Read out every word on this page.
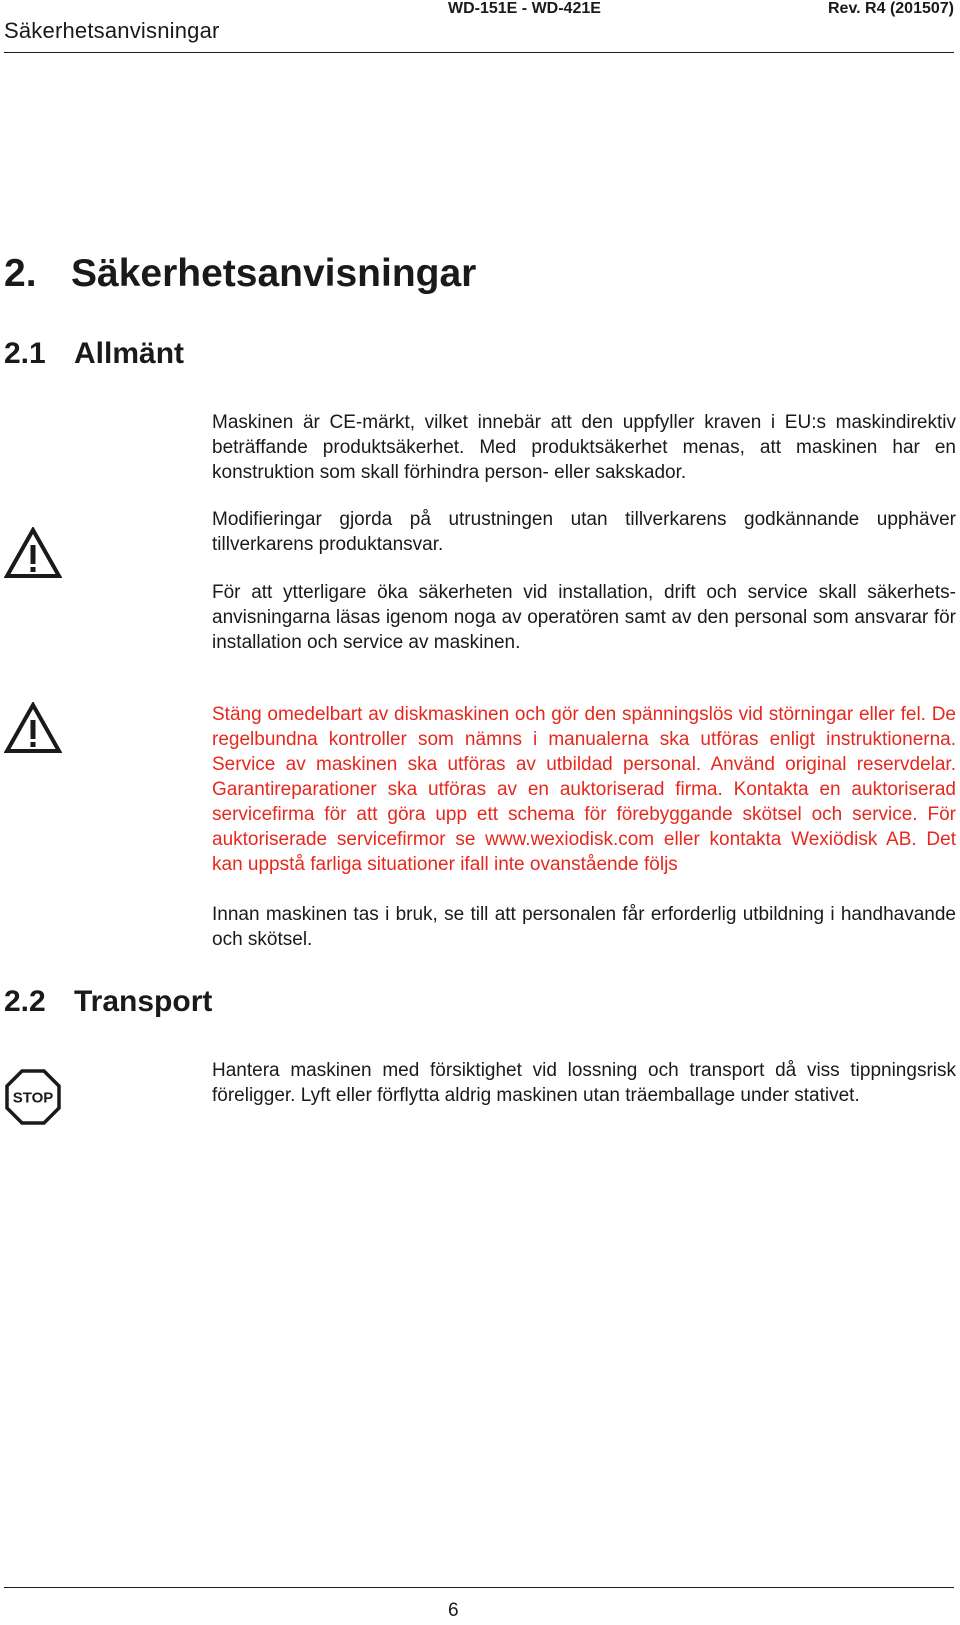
Säkerhetsanvisningar
WD-151E - WD-421E	Rev. R4 (201507)
2. Säkerhetsanvisningar
2.1 Allmänt

Maskinen är CE-märkt, vilket innebär att den uppfyller kraven i EU:s maskindirektiv beträffande produktsäkerhet. Med produktsäkerhet menas, att maskinen har en konstruktion som skall förhindra person- eller sakskador.

Modifieringar gjorda på utrustningen utan tillverkarens godkännande upphäver tillverkarens produktansvar.

För att ytterligare öka säkerheten vid installation, drift och service skall säkerhetsanvisningarna läsas igenom noga av operatören samt av den personal som ansvarar för installation och service av maskinen.

Stäng omedelbart av diskmaskinen och gör den spänningslös vid störningar eller fel. De regelbundna kontroller som nämns i manualerna ska utföras enligt instruktionerna. Service av maskinen ska utföras av utbildad personal. Använd original reservdelar. Garantireparationer ska utföras av en auktoriserad firma. Kontakta en auktoriserad servicefirma för att göra upp ett schema för förebyggande skötsel och service. För auktoriserade servicefirmor se www.wexiodisk.com eller kontakta Wexiödisk AB. Det kan uppstå farliga situationer ifall inte ovanstående följs

Innan maskinen tas i bruk, se till att personalen får erforderlig utbildning i handhavande och skötsel.

2.2 Transport
STOP

Hantera maskinen med försiktighet vid lossning och transport då viss tippningsrisk föreligger. Lyft eller förflytta aldrig maskinen utan träemballage under stativet.

6
